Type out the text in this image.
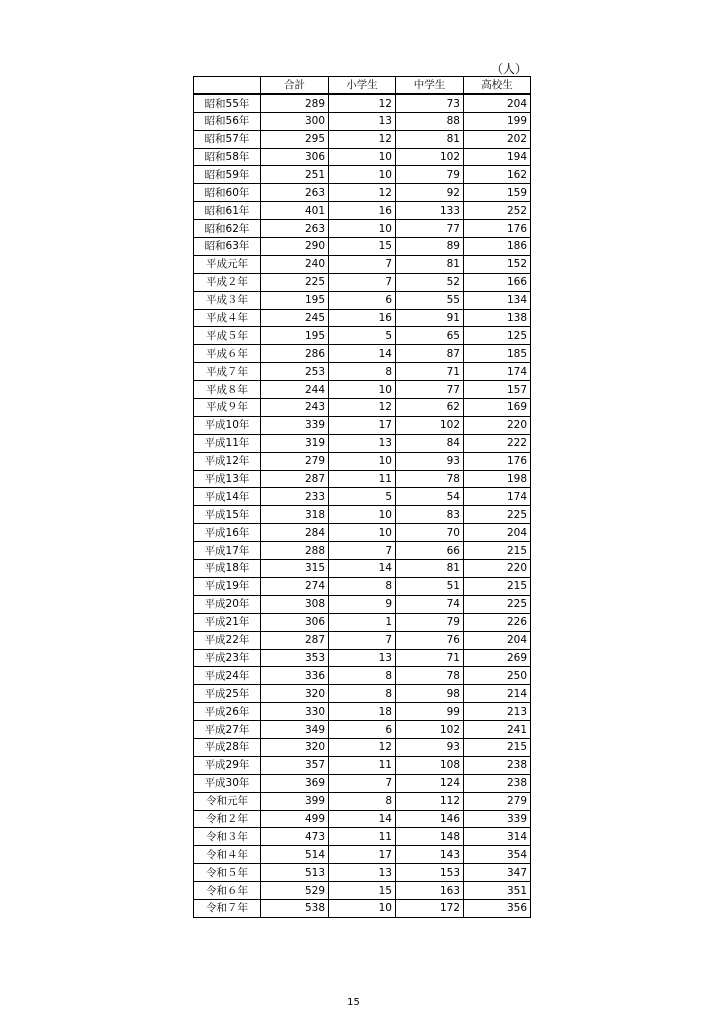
（人）
	合計	小学生	中学生	高校生
昭和55年	289	12	73	204
昭和56年	300	13	88	199
昭和57年	295	12	81	202
昭和58年	306	10	102	194
昭和59年	251	10	79	162
昭和60年	263	12	92	159
昭和61年	401	16	133	252
昭和62年	263	10	77	176
昭和63年	290	15	89	186
平成元年	240	7	81	152
平成２年	225	7	52	166
平成３年	195	6	55	134
平成４年	245	16	91	138
平成５年	195	5	65	125
平成６年	286	14	87	185
平成７年	253	8	71	174
平成８年	244	10	77	157
平成９年	243	12	62	169
平成10年	339	17	102	220
平成11年	319	13	84	222
平成12年	279	10	93	176
平成13年	287	11	78	198
平成14年	233	5	54	174
平成15年	318	10	83	225
平成16年	284	10	70	204
平成17年	288	7	66	215
平成18年	315	14	81	220
平成19年	274	8	51	215
平成20年	308	9	74	225
平成21年	306	1	79	226
平成22年	287	7	76	204
平成23年	353	13	71	269
平成24年	336	8	78	250
平成25年	320	8	98	214
平成26年	330	18	99	213
平成27年	349	6	102	241
平成28年	320	12	93	215
平成29年	357	11	108	238
平成30年	369	7	124	238
令和元年	399	8	112	279
令和２年	499	14	146	339
令和３年	473	11	148	314
令和４年	514	17	143	354
令和５年	513	13	153	347
令和６年	529	15	163	351
令和７年	538	10	172	356
15
